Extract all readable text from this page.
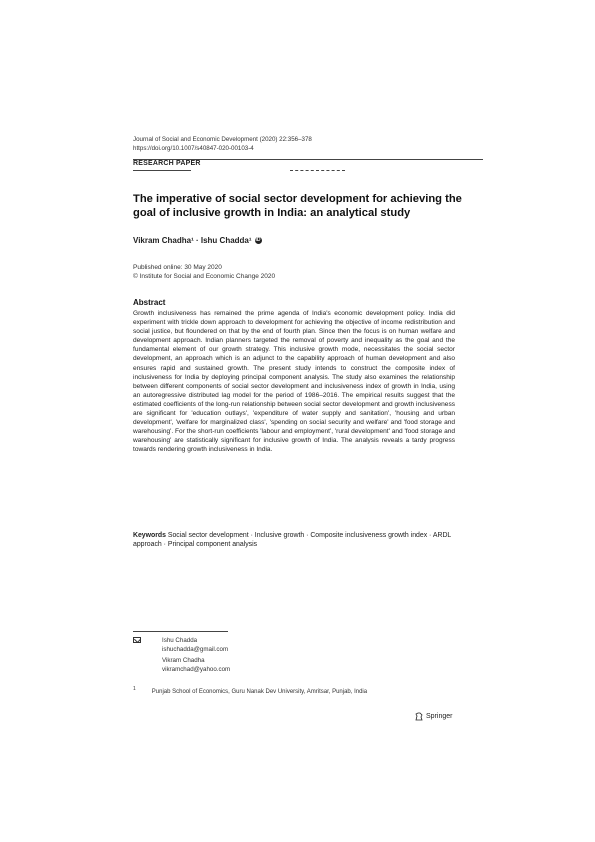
Journal of Social and Economic Development (2020) 22:356–378
https://doi.org/10.1007/s40847-020-00103-4
RESEARCH PAPER
The imperative of social sector development for achieving the goal of inclusive growth in India: an analytical study
Vikram Chadha¹ · Ishu Chadda¹ iD
Published online: 30 May 2020
© Institute for Social and Economic Change 2020
Abstract
Growth inclusiveness has remained the prime agenda of India's economic development policy. India did experiment with trickle down approach to development for achieving the objective of income redistribution and social justice, but floundered on that by the end of fourth plan. Since then the focus is on human welfare and development approach. Indian planners targeted the removal of poverty and inequality as the goal and the fundamental element of our growth strategy. This inclusive growth mode, necessitates the social sector development, an approach which is an adjunct to the capability approach of human development and also ensures rapid and sustained growth. The present study intends to construct the composite index of inclusiveness for India by deploying principal component analysis. The study also examines the relationship between different components of social sector development and inclusiveness index of growth in India, using an autoregressive distributed lag model for the period of 1986–2016. The empirical results suggest that the estimated coefficients of the long-run relationship between social sector development and growth inclusiveness are significant for 'education outlays', 'expenditure of water supply and sanitation', 'housing and urban development', 'welfare for marginalized class', 'spending on social security and welfare' and 'food storage and warehousing'. For the short-run coefficients 'labour and employment', 'rural development' and 'food storage and warehousing' are statistically significant for inclusive growth of India. The analysis reveals a tardy progress towards rendering growth inclusiveness in India.
Keywords Social sector development · Inclusive growth · Composite inclusiveness growth index · ARDL approach · Principal component analysis
Ishu Chadda
ishuchadda@gmail.com
Vikram Chadha
vikramchad@yahoo.com
$^1$	Punjab School of Economics, Guru Nanak Dev University, Amritsar, Punjab, India
Springer
